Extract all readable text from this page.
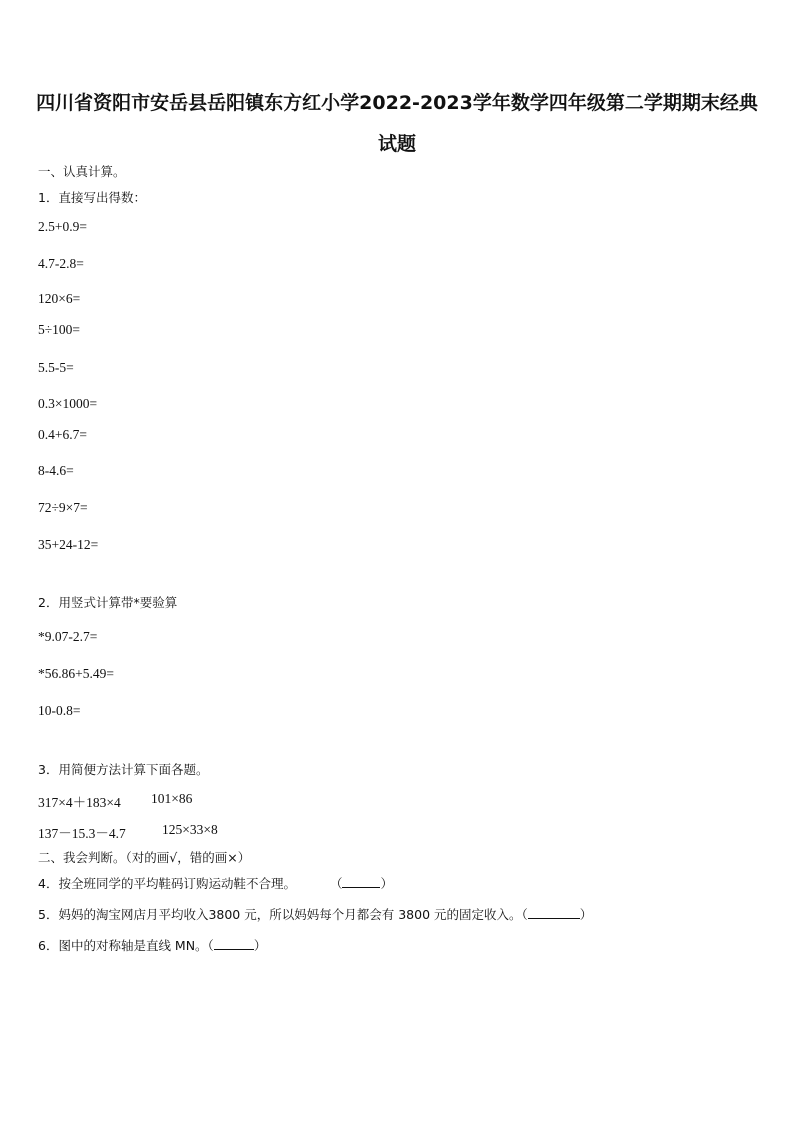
四川省资阳市安岳县岳阳镇东方红小学2022-2023学年数学四年级第二学期期末经典
试题
一、认真计算。
1．直接写出得数：
2.5+0.9=
4.7-2.8=
120×6=
5÷100=
5.5-5=
0.3×1000=
0.4+6.7=
8-4.6=
72÷9×7=
35+24-12=
2．用竖式计算带*要验算
*9.07-2.7=
*56.86+5.49=
10-0.8=
3．用简便方法计算下面各题。
317×4＋183×4 101×86
137－15.3－4.7	125×33×8
二、我会判断。（对的画√，错的画×）
4．按全班同学的平均鞋码订购运动鞋不合理。	（	）
5．妈妈的淘宝网店月平均收入3800 元，所以妈妈每个月都会有 3800 元的固定收入。（	）
6．图中的对称轴是直线 MN。（	）
